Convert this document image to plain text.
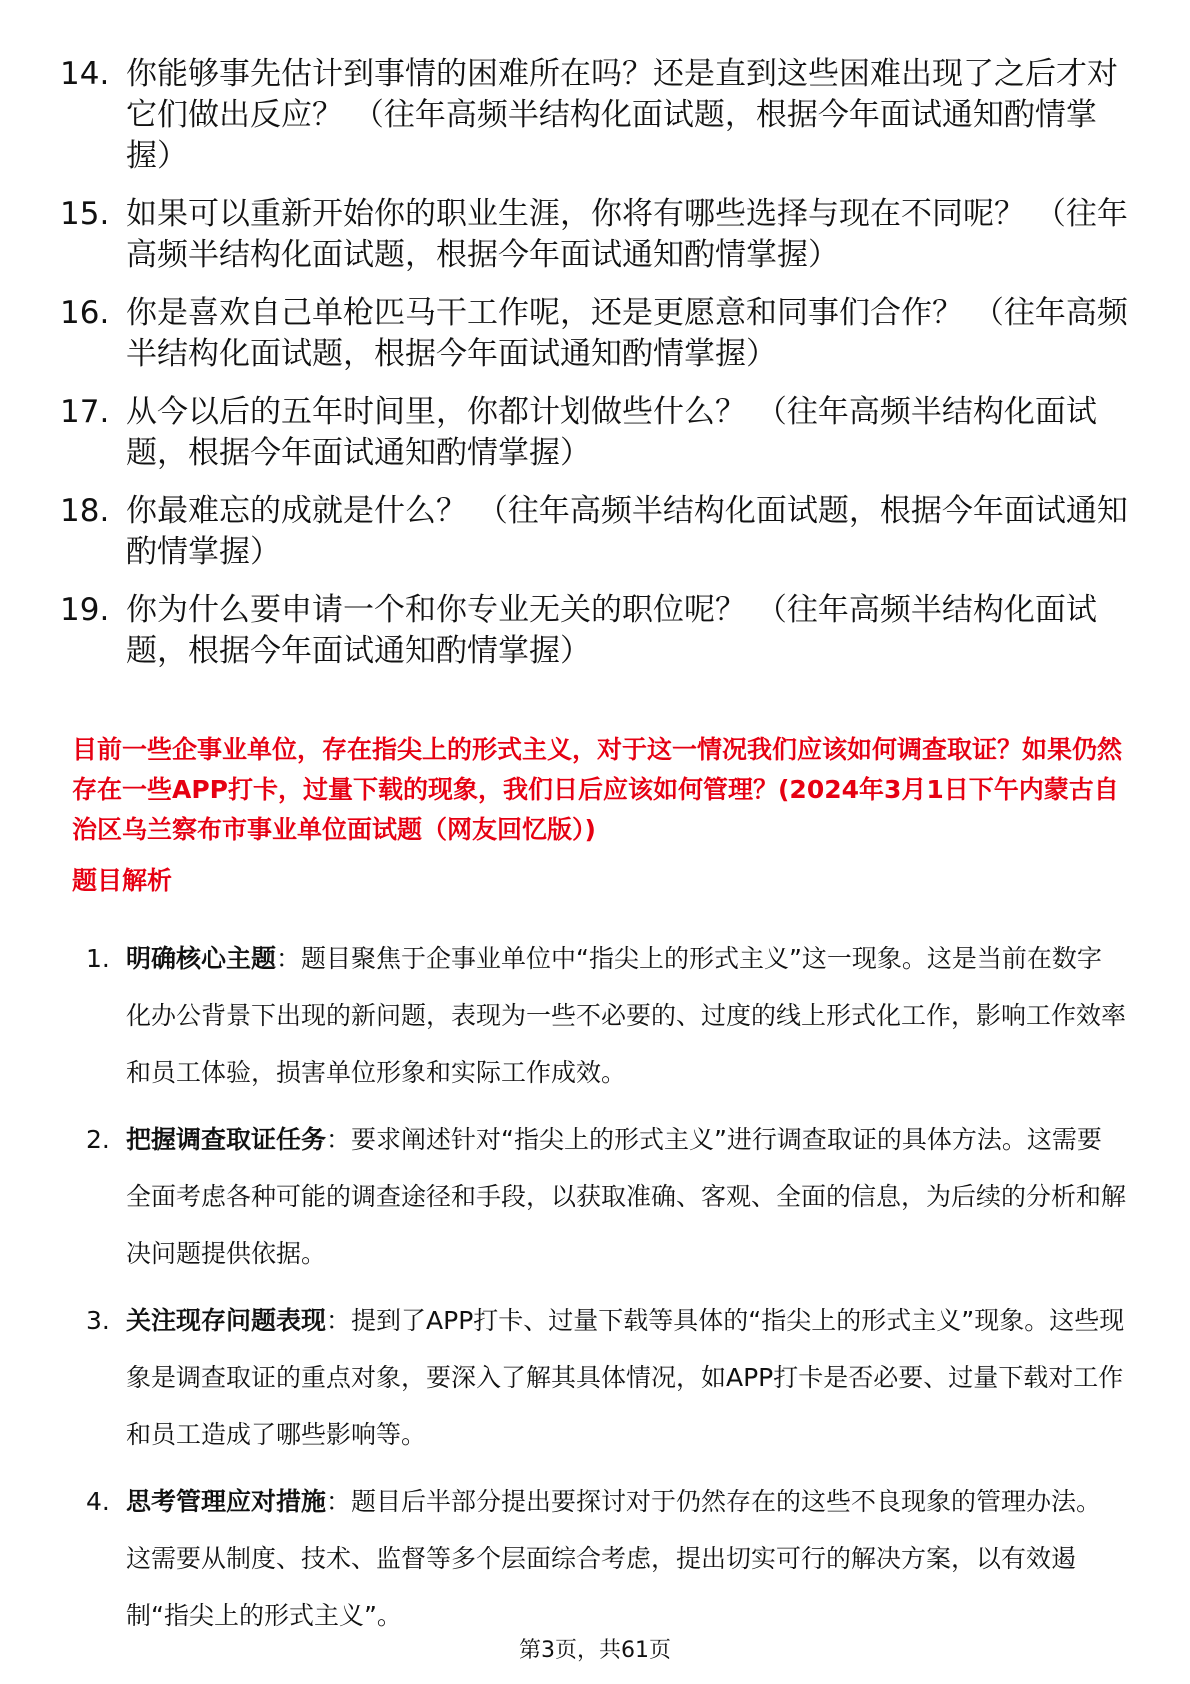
14. 你能够事先估计到事情的困难所在吗？还是直到这些困难出现了之后才对它们做出反应？ （往年高频半结构化面试题，根据今年面试通知酌情掌握）
15. 如果可以重新开始你的职业生涯，你将有哪些选择与现在不同呢？ （往年高频半结构化面试题，根据今年面试通知酌情掌握）
16. 你是喜欢自己单枪匹马干工作呢，还是更愿意和同事们合作？ （往年高频半结构化面试题，根据今年面试通知酌情掌握）
17. 从今以后的五年时间里，你都计划做些什么？ （往年高频半结构化面试题，根据今年面试通知酌情掌握）
18. 你最难忘的成就是什么？ （往年高频半结构化面试题，根据今年面试通知酌情掌握）
19. 你为什么要申请一个和你专业无关的职位呢？ （往年高频半结构化面试题，根据今年面试通知酌情掌握）
目前一些企事业单位，存在指尖上的形式主义，对于这一情况我们应该如何调查取证？如果仍然存在一些APP打卡，过量下载的现象，我们日后应该如何管理？(2024年3月1日下午内蒙古自治区乌兰察布市事业单位面试题（网友回忆版）)
题目解析
1. 明确核心主题：题目聚焦于企事业单位中“指尖上的形式主义”这一现象。这是当前在数字化办公背景下出现的新问题，表现为一些不必要的、过度的线上形式化工作，影响工作效率和员工体验，损害单位形象和实际工作成效。
2. 把握调查取证任务：要求阐述针对“指尖上的形式主义”进行调查取证的具体方法。这需要全面考虑各种可能的调查途径和手段，以获取准确、客观、全面的信息，为后续的分析和解决问题提供依据。
3. 关注现存问题表现：提到了APP打卡、过量下载等具体的“指尖上的形式主义”现象。这些现象是调查取证的重点对象，要深入了解其具体情况，如APP打卡是否必要、过量下载对工作和员工造成了哪些影响等。
4. 思考管理应对措施：题目后半部分提出要探讨对于仍然存在的这些不良现象的管理办法。这需要从制度、技术、监督等多个层面综合考虑，提出切实可行的解决方案，以有效遏制“指尖上的形式主义”。
第3页，共61页
